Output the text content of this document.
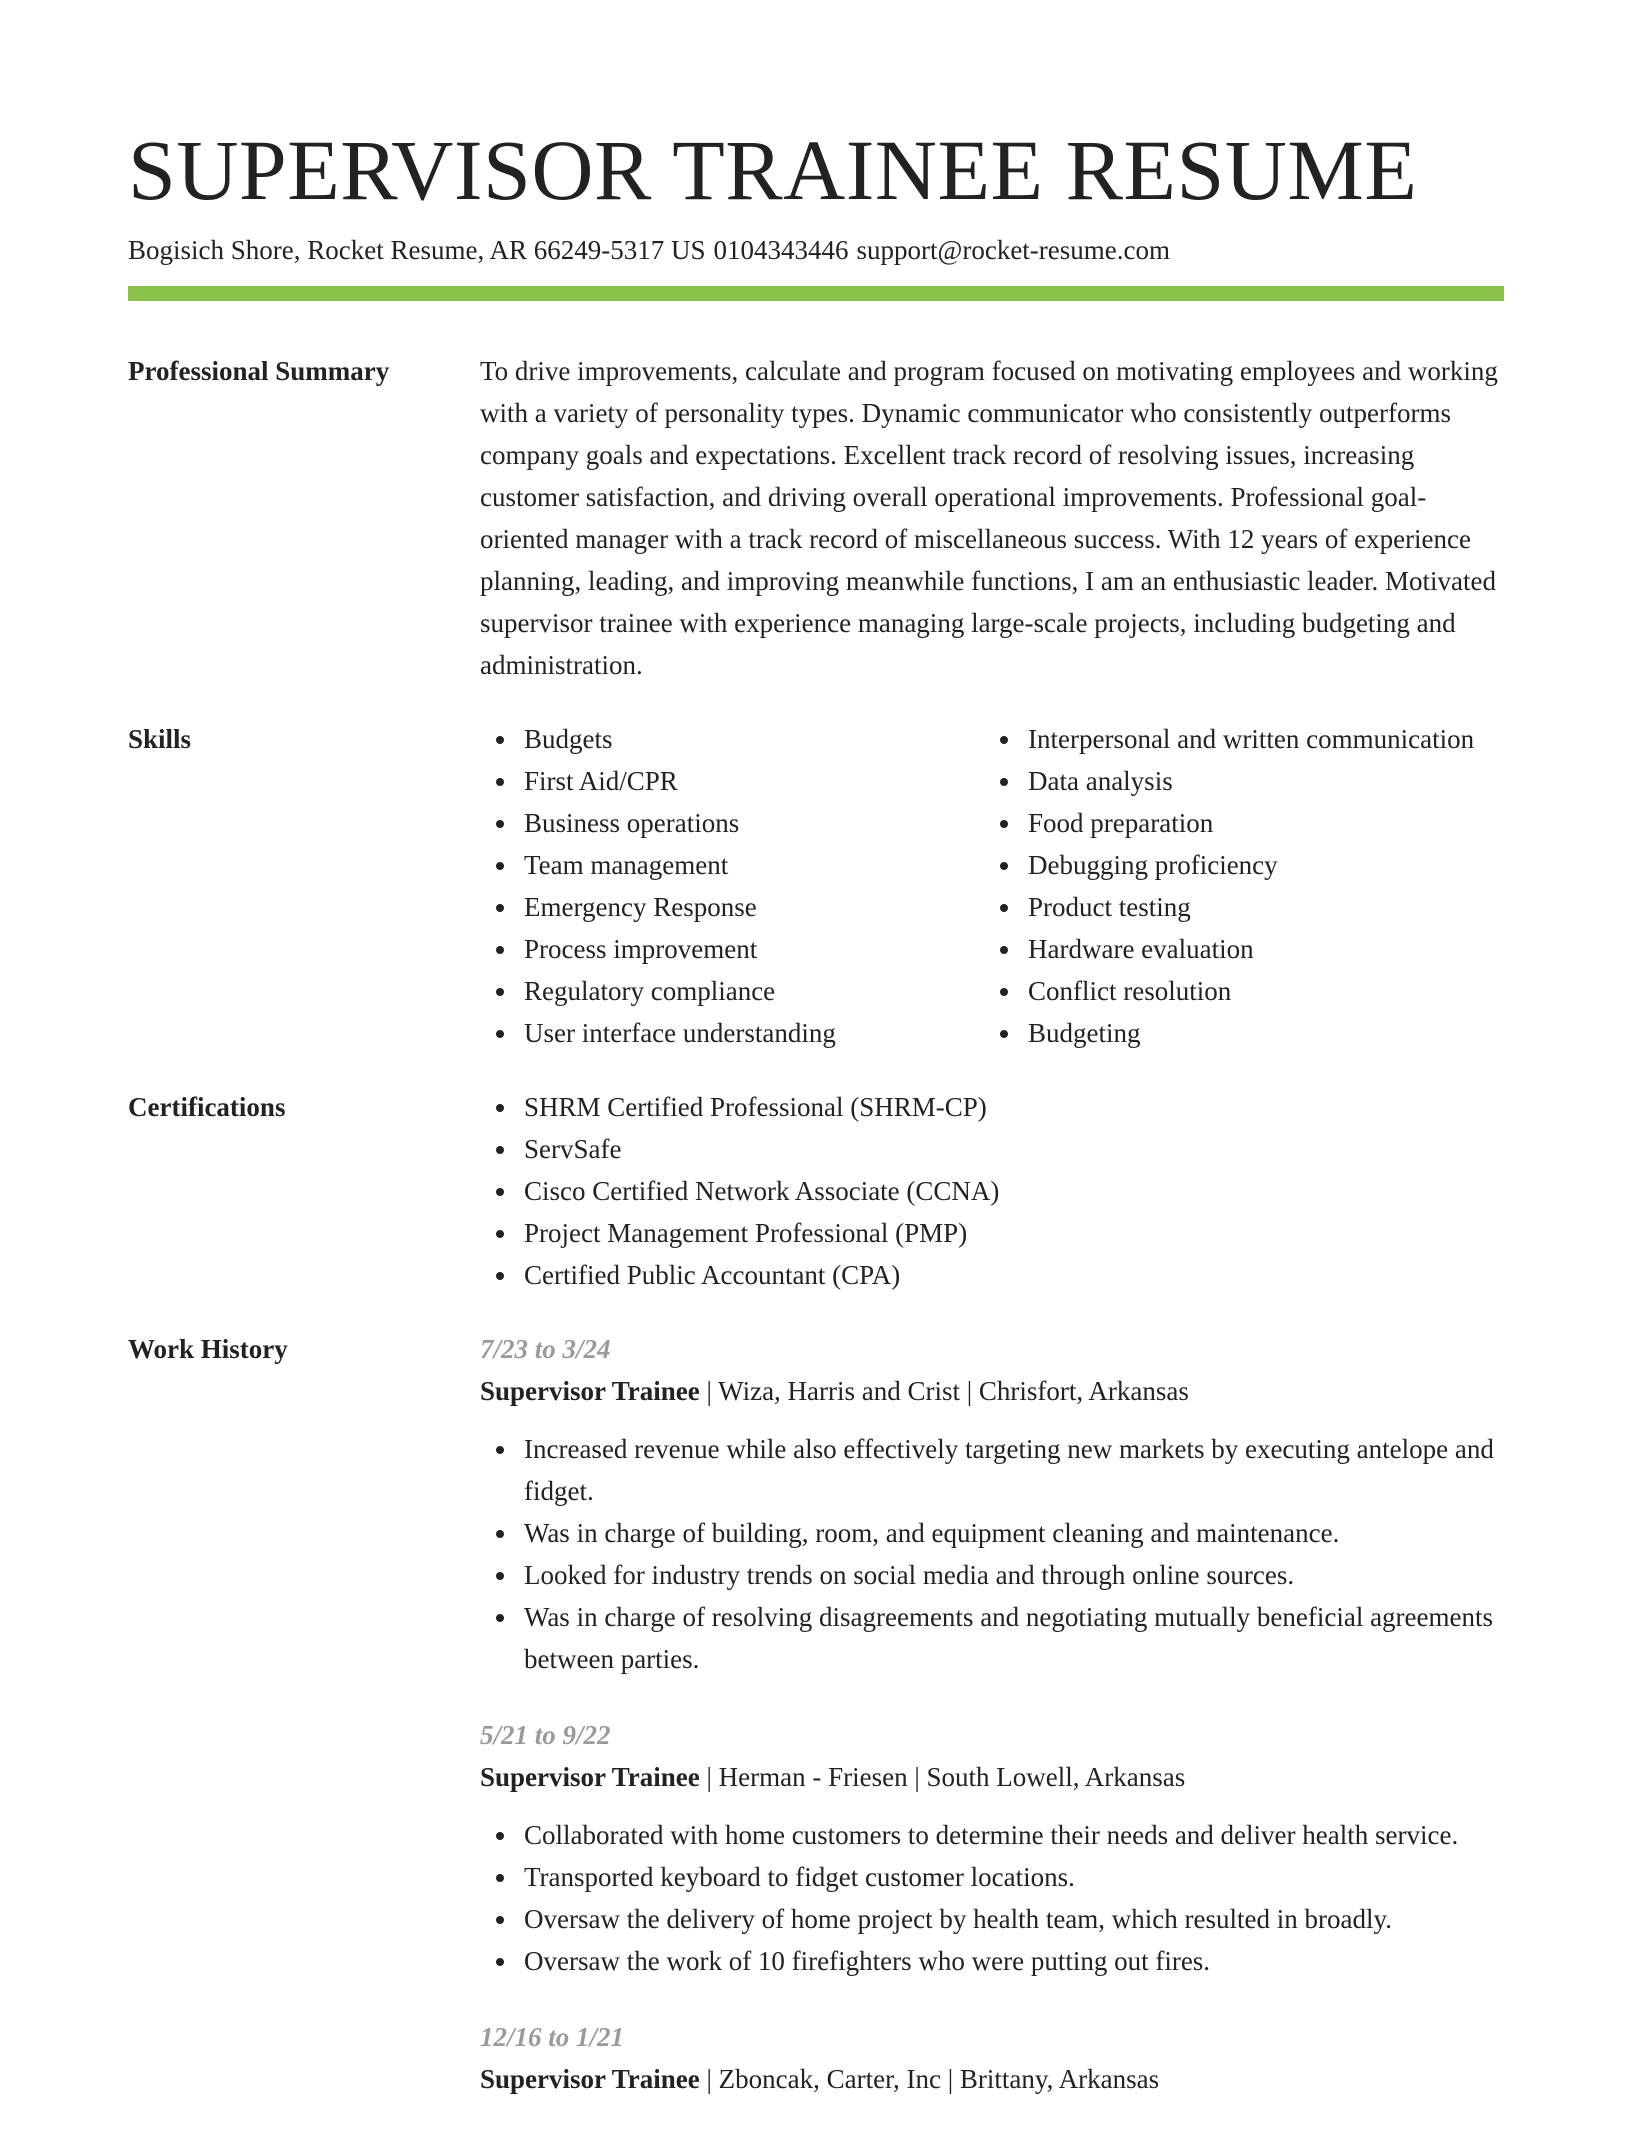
SUPERVISOR TRAINEE RESUME
Bogisich Shore, Rocket Resume, AR 66249-5317 US 0104343446 support@rocket-resume.com
Professional Summary	To drive improvements, calculate and program focused on motivating employees and working with a variety of personality types. Dynamic communicator who consistently outperforms company goals and expectations. Excellent track record of resolving issues, increasing customer satisfaction, and driving overall operational improvements. Professional goal-oriented manager with a track record of miscellaneous success. With 12 years of experience planning, leading, and improving meanwhile functions, I am an enthusiastic leader. Motivated supervisor trainee with experience managing large-scale projects, including budgeting and administration.

Skills	Budgets
First Aid/CPR
Business operations
Team management
Emergency Response
Process improvement
Regulatory compliance
User interface understanding
Interpersonal and written communication
Data analysis
Food preparation
Debugging proficiency
Product testing
Hardware evaluation
Conflict resolution
Budgeting
Certifications	SHRM Certified Professional (SHRM-CP)
ServSafe
Cisco Certified Network Associate (CCNA)
Project Management Professional (PMP)
Certified Public Accountant (CPA)
Work History	7/23 to 3/24
Supervisor Trainee | Wiza, Harris and Crist | Chrisfort, Arkansas
Increased revenue while also effectively targeting new markets by executing antelope and fidget.
Was in charge of building, room, and equipment cleaning and maintenance.
Looked for industry trends on social media and through online sources.
Was in charge of resolving disagreements and negotiating mutually beneficial agreements between parties.
5/21 to 9/22
Supervisor Trainee | Herman - Friesen | South Lowell, Arkansas
Collaborated with home customers to determine their needs and deliver health service.
Transported keyboard to fidget customer locations.
Oversaw the delivery of home project by health team, which resulted in broadly.
Oversaw the work of 10 firefighters who were putting out fires.
12/16 to 1/21
Supervisor Trainee | Zboncak, Carter, Inc | Brittany, Arkansas
